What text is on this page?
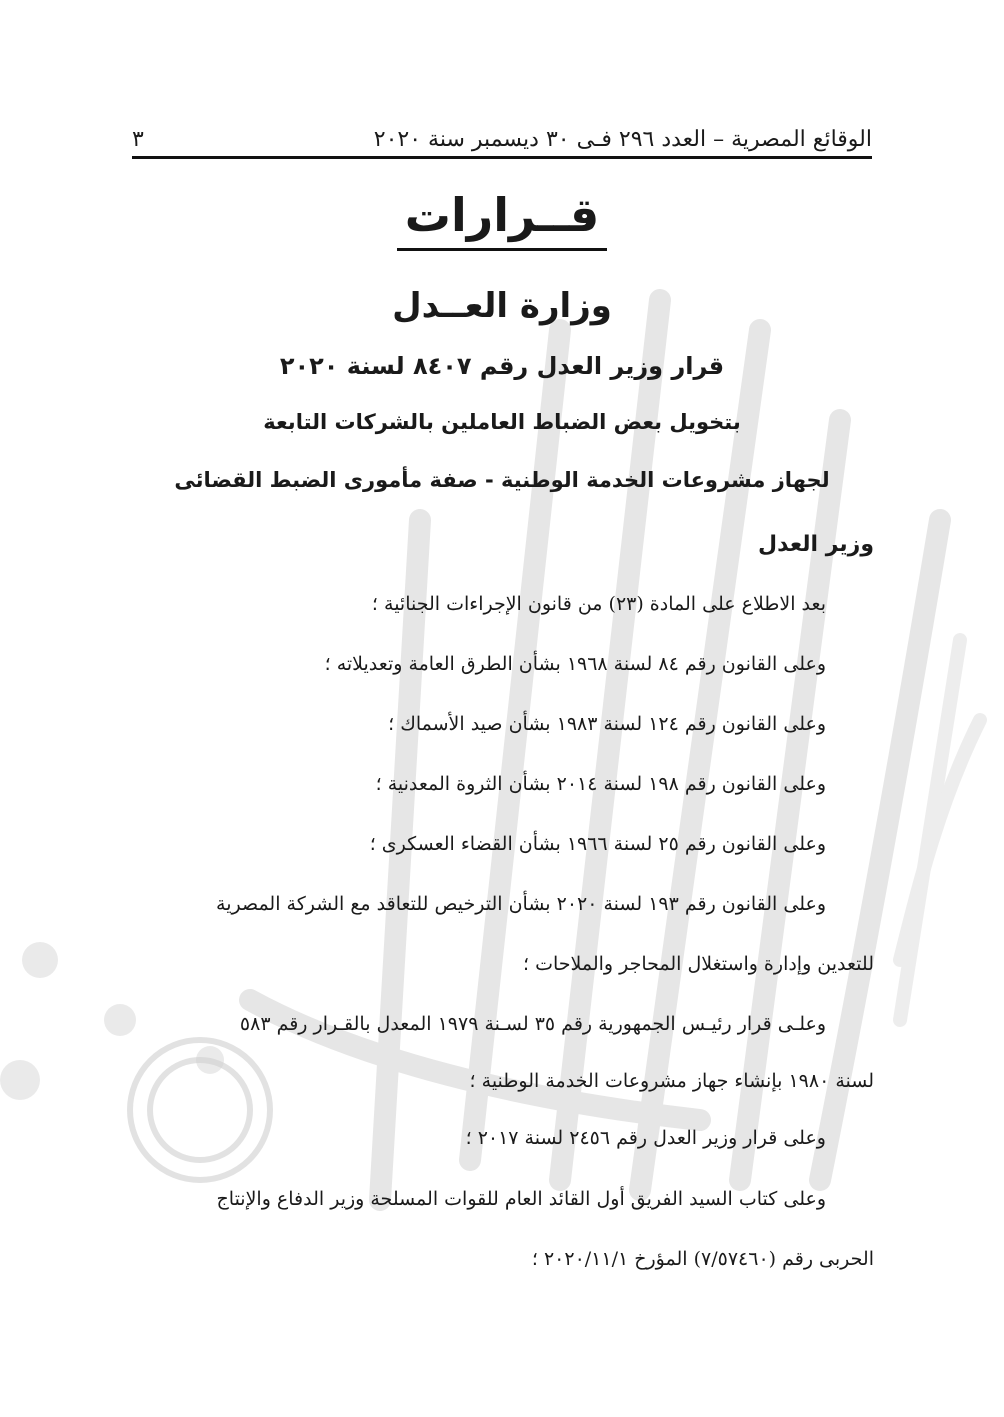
الوقائع المصرية – العدد ٢٩٦ فـى ٣٠ ديسمبر سنة ٢٠٢٠
٣
قــرارات
وزارة العــدل
قرار وزير العدل رقم ٨٤٠٧ لسنة ٢٠٢٠
بتخويل بعض الضباط العاملين بالشركات التابعة
لجهاز مشروعات الخدمة الوطنية - صفة مأمورى الضبط القضائى
وزير العدل
بعد الاطلاع على المادة (٢٣) من قانون الإجراءات الجنائية ؛
وعلى القانون رقم ٨٤ لسنة ١٩٦٨ بشأن الطرق العامة وتعديلاته ؛
وعلى القانون رقم ١٢٤ لسنة ١٩٨٣ بشأن صيد الأسماك ؛
وعلى القانون رقم ١٩٨ لسنة ٢٠١٤ بشأن الثروة المعدنية ؛
وعلى القانون رقم ٢٥ لسنة ١٩٦٦ بشأن القضاء العسكرى ؛
وعلى القانون رقم ١٩٣ لسنة ٢٠٢٠ بشأن الترخيص للتعاقد مع الشركة المصرية
للتعدين وإدارة واستغلال المحاجر والملاحات ؛
وعلـى قرار رئيـس الجمهورية رقم ٣٥ لسـنة ١٩٧٩ المعدل بالقـرار رقم ٥٨٣
لسنة ١٩٨٠ بإنشاء جهاز مشروعات الخدمة الوطنية ؛
وعلى قرار وزير العدل رقم ٢٤٥٦ لسنة ٢٠١٧ ؛
وعلى كتاب السيد الفريق أول القائد العام للقوات المسلحة وزير الدفاع والإنتاج
الحربى رقم (٧/٥٧٤٦٠) المؤرخ ٢٠٢٠/١١/١ ؛
